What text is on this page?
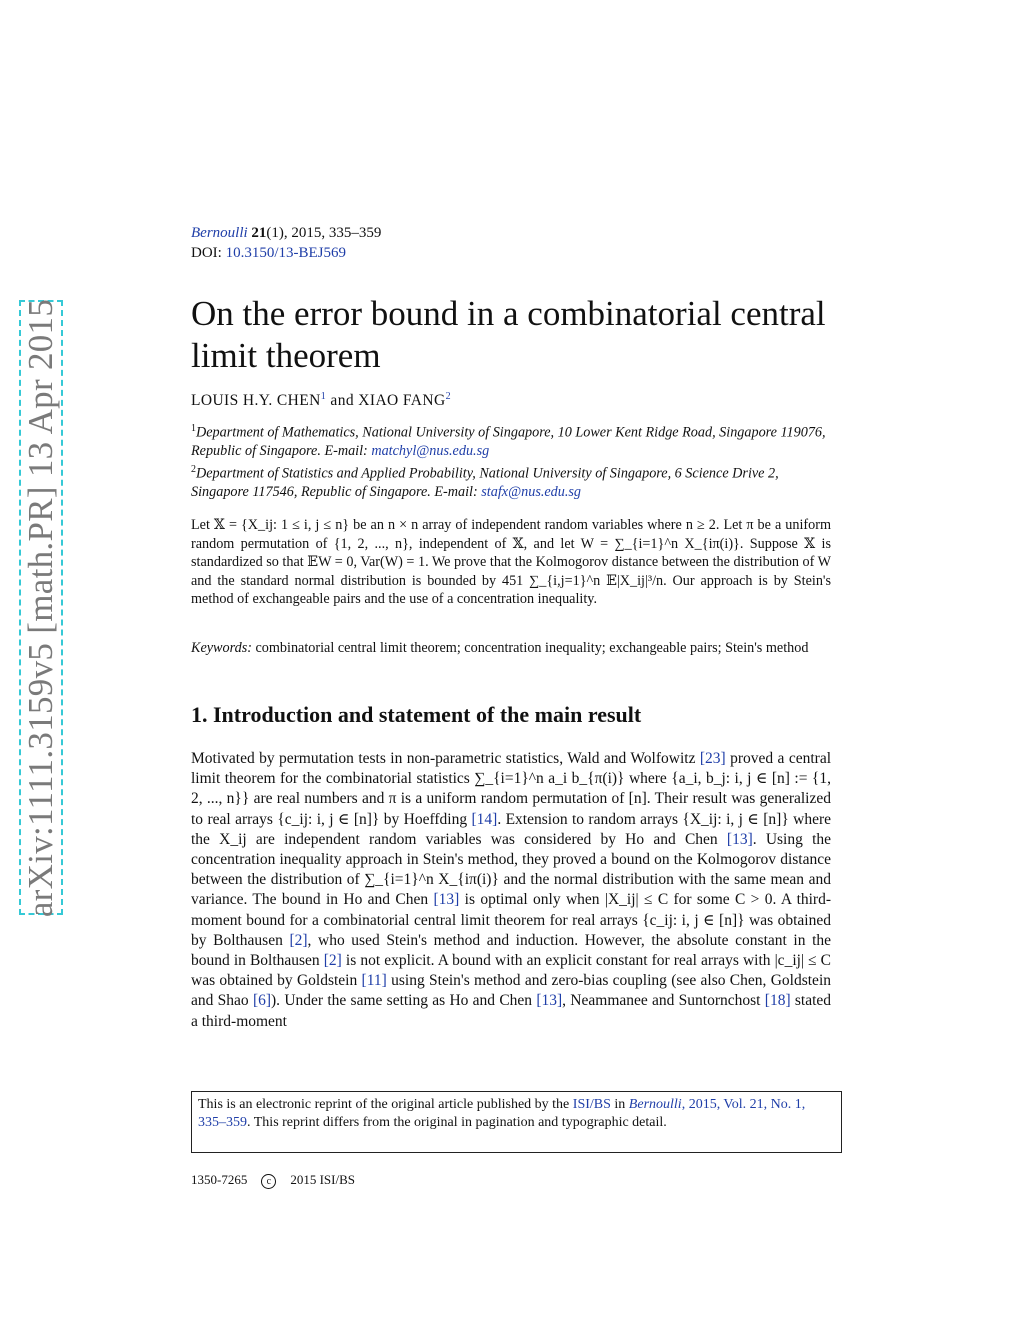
arXiv:1111.3159v5 [math.PR] 13 Apr 2015
Bernoulli 21(1), 2015, 335–359
DOI: 10.3150/13-BEJ569
On the error bound in a combinatorial central limit theorem
LOUIS H.Y. CHEN$^1$ and XIAO FANG$^2$
$^1$Department of Mathematics, National University of Singapore, 10 Lower Kent Ridge Road, Singapore 119076, Republic of Singapore. E-mail: matchyl@nus.edu.sg
$^2$Department of Statistics and Applied Probability, National University of Singapore, 6 Science Drive 2, Singapore 117546, Republic of Singapore. E-mail: stafx@nus.edu.sg
Let 𝕏 = {X_ij: 1 ≤ i, j ≤ n} be an n × n array of independent random variables where n ≥ 2. Let π be a uniform random permutation of {1, 2, ..., n}, independent of 𝕏, and let W = ∑_{i=1}^n X_{iπ(i)}. Suppose 𝕏 is standardized so that 𝔼W = 0, Var(W) = 1. We prove that the Kolmogorov distance between the distribution of W and the standard normal distribution is bounded by 451 ∑_{i,j=1}^n 𝔼|X_ij|³/n. Our approach is by Stein's method of exchangeable pairs and the use of a concentration inequality.
Keywords: combinatorial central limit theorem; concentration inequality; exchangeable pairs; Stein's method
1. Introduction and statement of the main result
Motivated by permutation tests in non-parametric statistics, Wald and Wolfowitz [23] proved a central limit theorem for the combinatorial statistics ∑_{i=1}^n a_i b_{π(i)} where {a_i, b_j: i, j ∈ [n] := {1, 2, ..., n}} are real numbers and π is a uniform random permutation of [n]. Their result was generalized to real arrays {c_ij: i, j ∈ [n]} by Hoeffding [14]. Extension to random arrays {X_ij: i, j ∈ [n]} where the X_ij are independent random variables was considered by Ho and Chen [13]. Using the concentration inequality approach in Stein's method, they proved a bound on the Kolmogorov distance between the distribution of ∑_{i=1}^n X_{iπ(i)} and the normal distribution with the same mean and variance. The bound in Ho and Chen [13] is optimal only when |X_ij| ≤ C for some C > 0. A third-moment bound for a combinatorial central limit theorem for real arrays {c_ij: i, j ∈ [n]} was obtained by Bolthausen [2], who used Stein's method and induction. However, the absolute constant in the bound in Bolthausen [2] is not explicit. A bound with an explicit constant for real arrays with |c_ij| ≤ C was obtained by Goldstein [11] using Stein's method and zero-bias coupling (see also Chen, Goldstein and Shao [6]). Under the same setting as Ho and Chen [13], Neammanee and Suntornchost [18] stated a third-moment
This is an electronic reprint of the original article published by the ISI/BS in Bernoulli, 2015, Vol. 21, No. 1, 335–359. This reprint differs from the original in pagination and typographic detail.
1350-7265 c 2015 ISI/BS
